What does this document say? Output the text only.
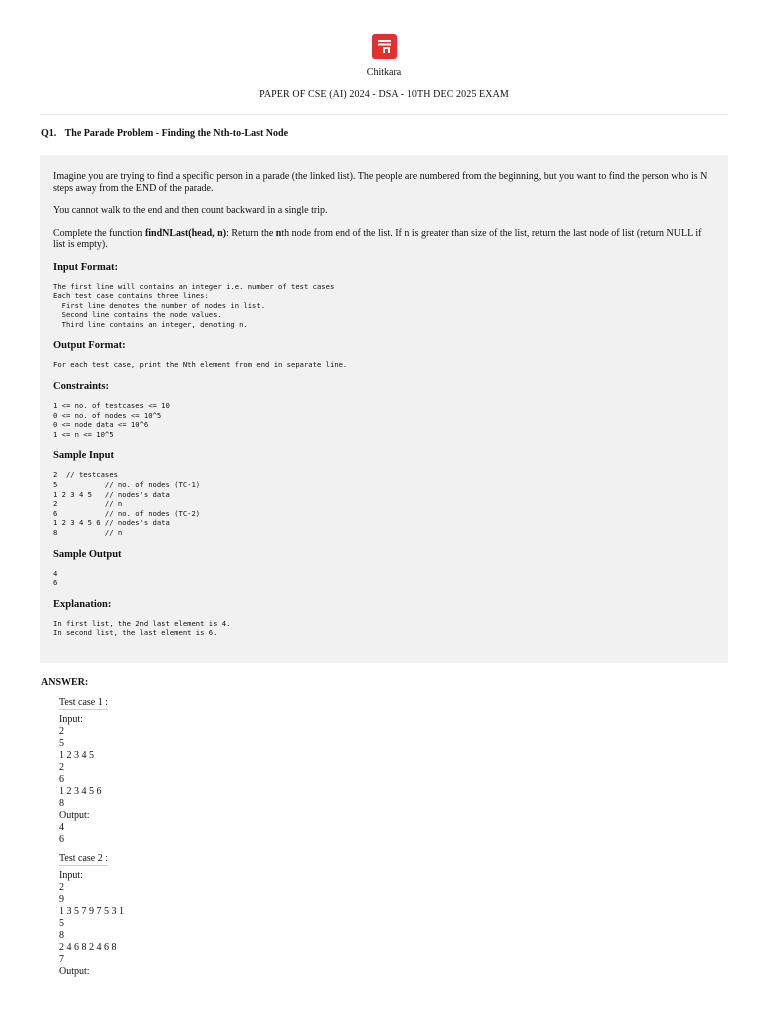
Chitkara
PAPER OF CSE (AI) 2024 - DSA - 10TH DEC 2025 EXAM
Q1. The Parade Problem - Finding the Nth-to-Last Node

Imagine you are trying to find a specific person in a parade (the linked list). The people are numbered from the beginning, but you want to find the person who is N steps away from the END of the parade.

You cannot walk to the end and then count backward in a single trip.

Complete the function findNLast(head, n): Return the nth node from end of the list. If n is greater than size of the list, return the last node of list (return NULL if list is empty).

Input Format:
The first line will contains an integer i.e. number of test cases
Each test case contains three lines:
First line denotes the number of nodes in list.
Second line contains the node values.
Third line contains an integer, denoting n.
Output Format:
For each test case, print the Nth element from end in separate line.
Constraints:
1 <= no. of testcases <= 10
0 <= no. of nodes <= 10^5
0 <= node data <= 10^6
1 <= n <= 10^5
Sample Input
2  // testcases
5           // no. of nodes (TC-1)
1 2 3 4 5   // nodes's data
2           // n
6           // no. of nodes (TC-2)
1 2 3 4 5 6 // nodes's data
8           // n
Sample Output
4
6
Explanation:
In first list, the 2nd last element is 4.
In second list, the last element is 6.
ANSWER:
Test case 1 :
Input:
2
5
1 2 3 4 5
2
6
1 2 3 4 5 6
8
Output:
4
6
Test case 2 :
Input:
2
9
1 3 5 7 9 7 5 3 1
5
8
2 4 6 8 2 4 6 8
7
Output:
